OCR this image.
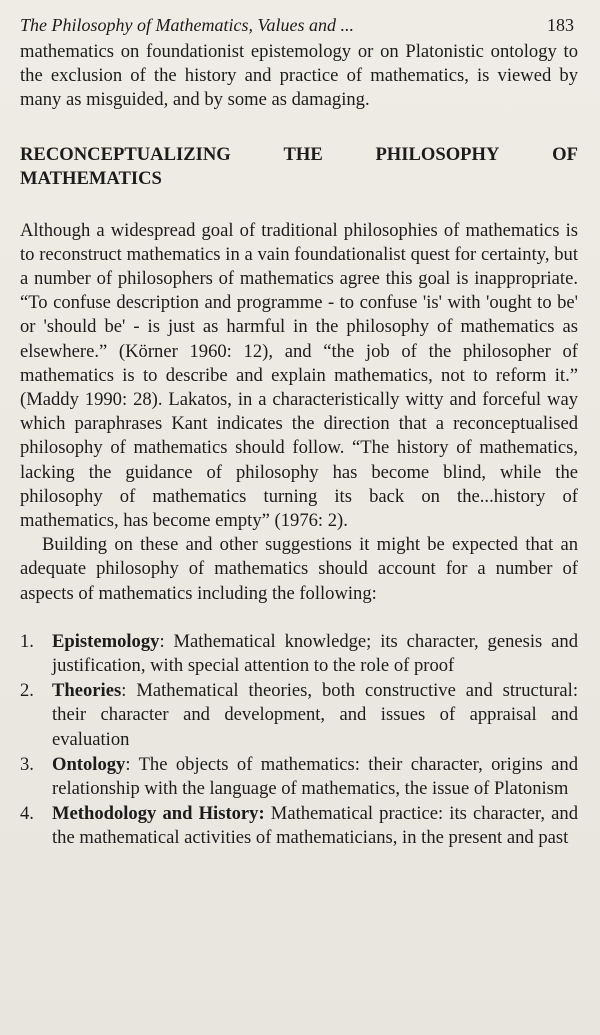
The Philosophy of Mathematics, Values and ...	183

mathematics on foundationist epistemology or on Platonistic ontology to the exclusion of the history and practice of mathematics, is viewed by many as misguided, and by some as damaging.

RECONCEPTUALIZING	THE	PHILOSOPHY	OF
MATHEMATICS

Although a widespread goal of traditional philosophies of mathematics is to reconstruct mathematics in a vain foundationalist quest for certainty, but a number of philosophers of mathematics agree this goal is inappropriate. “To confuse description and programme - to confuse 'is' with 'ought to be' or 'should be' - is just as harmful in the philosophy of mathematics as elsewhere.” (Körner 1960: 12), and “the job of the philosopher of mathematics is to describe and explain mathematics, not to reform it.” (Maddy 1990: 28). Lakatos, in a characteristically witty and forceful way which paraphrases Kant indicates the direction that a reconceptualised philosophy of mathematics should follow. “The history of mathematics, lacking the guidance of philosophy has become blind, while the philosophy of mathematics turning its back on the...history of mathematics, has become empty” (1976: 2).

Building on these and other suggestions it might be expected that an adequate philosophy of mathematics should account for a number of aspects of mathematics including the following:

1. Epistemology: Mathematical knowledge; its character, genesis and justification, with special attention to the role of proof
2. Theories: Mathematical theories, both constructive and structural: their character and development, and issues of appraisal and evaluation
3. Ontology: The objects of mathematics: their character, origins and relationship with the language of mathematics, the issue of Platonism
4. Methodology and History: Mathematical practice: its character, and the mathematical activities of mathematicians, in the present and past
